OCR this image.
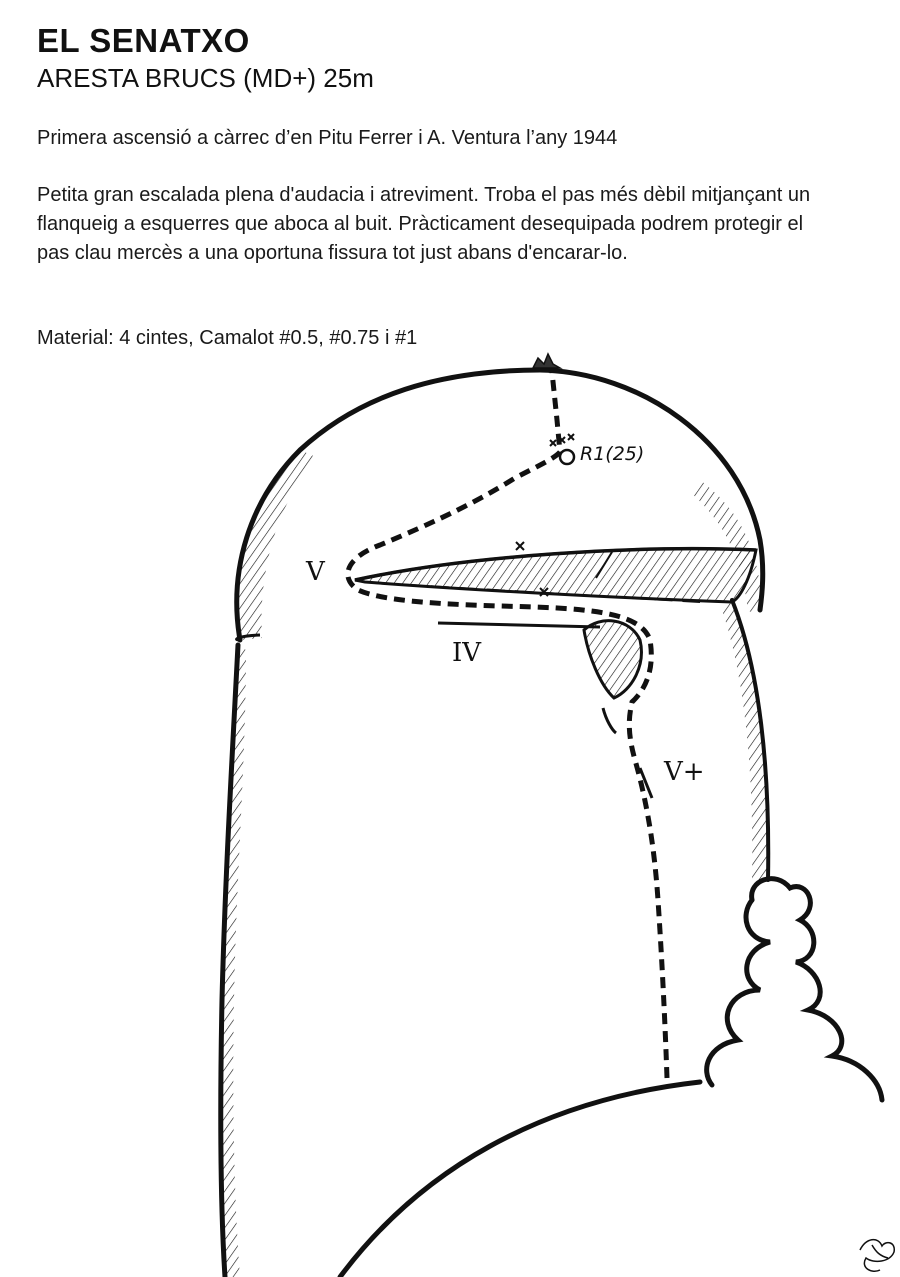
EL SENATXO
ARESTA BRUCS (MD+) 25m
Primera ascensió a càrrec d’en Pitu Ferrer i A. Ventura l’any 1944
Petita gran escalada plena d'audacia i atreviment. Troba el pas més dèbil mitjançant un flanqueig a esquerres que aboca al buit. Pràcticament desequipada podrem protegir el pas clau mercès a una oportuna fissura tot just abans d'encarar-lo.
Material: 4 cintes, Camalot #0.5, #0.75 i #1
R1(25)
V
IV
V+
